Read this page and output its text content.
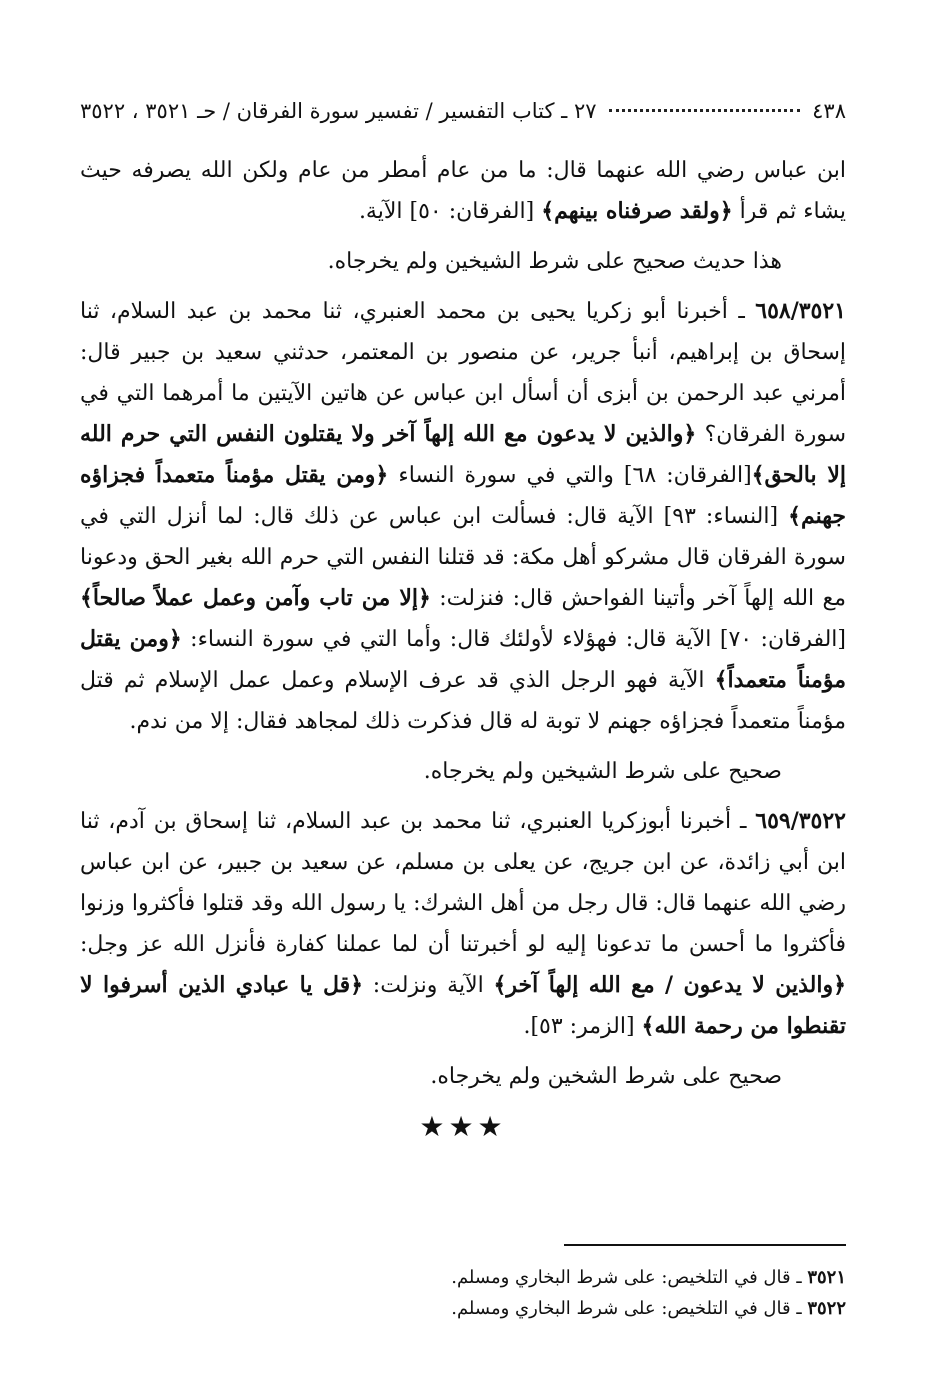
٤٣٨
٢٧ ـ كتاب التفسير / تفسير سورة الفرقان / حـ ٣٥٢١ ، ٣٥٢٢

ابن عباس رضي الله عنهما قال: ما من عام أمطر من عام ولكن الله يصرفه حيث يشاء ثم قرأ ﴿ولقد صرفناه بينهم﴾ [الفرقان: ٥٠] الآية.

هذا حديث صحيح على شرط الشيخين ولم يخرجاه.

٦٥٨/٣٥٢١ ـ أخبرنا أبو زكريا يحيى بن محمد العنبري، ثنا محمد بن عبد السلام، ثنا إسحاق بن إبراهيم، أنبأ جرير، عن منصور بن المعتمر، حدثني سعيد بن جبير قال: أمرني عبد الرحمن بن أبزى أن أسأل ابن عباس عن هاتين الآيتين ما أمرهما التي في سورة الفرقان؟ ﴿والذين لا يدعون مع الله إلهاً آخر ولا يقتلون النفس التي حرم الله إلا بالحق﴾[الفرقان: ٦٨] والتي في سورة النساء ﴿ومن يقتل مؤمناً متعمداً فجزاؤه جهنم﴾ [النساء: ٩٣] الآية قال: فسألت ابن عباس عن ذلك قال: لما أنزل التي في سورة الفرقان قال مشركو أهل مكة: قد قتلنا النفس التي حرم الله بغير الحق ودعونا مع الله إلهاً آخر وأتينا الفواحش قال: فنزلت: ﴿إلا من تاب وآمن وعمل عملاً صالحاً﴾ [الفرقان: ٧٠] الآية قال: فهؤلاء لأولئك قال: وأما التي في سورة النساء: ﴿ومن يقتل مؤمناً متعمداً﴾ الآية فهو الرجل الذي قد عرف الإسلام وعمل عمل الإسلام ثم قتل مؤمناً متعمداً فجزاؤه جهنم لا توبة له قال فذكرت ذلك لمجاهد فقال: إلا من ندم.

صحيح على شرط الشيخين ولم يخرجاه.

٦٥٩/٣٥٢٢ ـ أخبرنا أبوزكريا العنبري، ثنا محمد بن عبد السلام، ثنا إسحاق بن آدم، ثنا ابن أبي زائدة، عن ابن جريج، عن يعلى بن مسلم، عن سعيد بن جبير، عن ابن عباس رضي الله عنهما قال: قال رجل من أهل الشرك: يا رسول الله وقد قتلوا فأكثروا وزنوا فأكثروا ما أحسن ما تدعونا إليه لو أخبرتنا أن لما عملنا كفارة فأنزل الله عز وجل: ﴿والذين لا يدعون / مع الله إلهاً آخر﴾ الآية ونزلت: ﴿قل يا عبادي الذين أسرفوا لا تقنطوا من رحمة الله﴾ [الزمر: ٥٣].

صحيح على شرط الشخين ولم يخرجاه.

★★★

٣٥٢١ ـ قال في التلخيص: على شرط البخاري ومسلم.

٣٥٢٢ ـ قال في التلخيص: على شرط البخاري ومسلم.
